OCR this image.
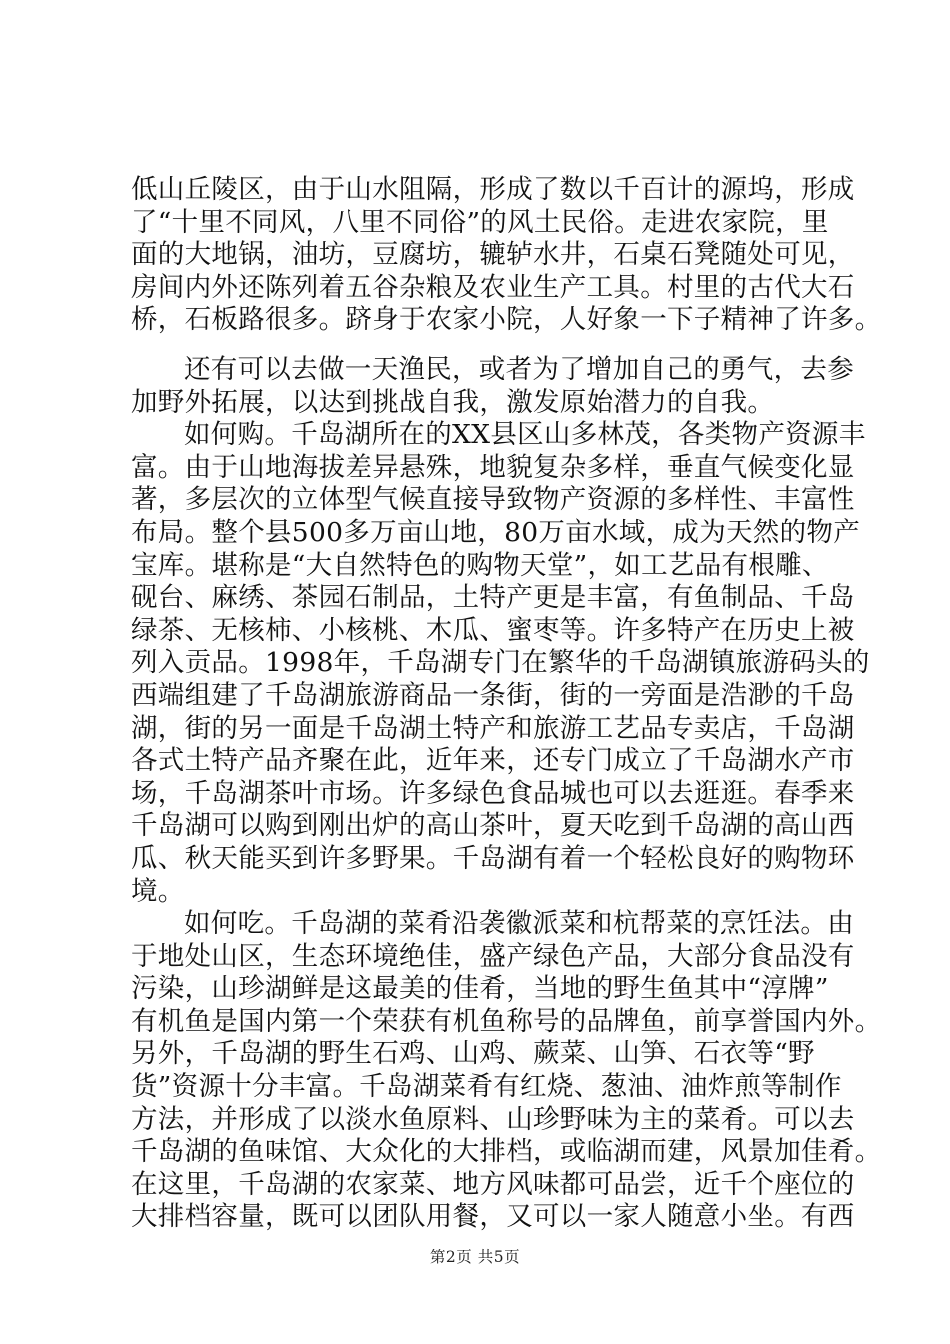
低山丘陵区，由于山水阻隔，形成了数以千百计的源坞，形成
了“十里不同风，八里不同俗”的风土民俗。走进农家院，里
面的大地锅，油坊，豆腐坊，辘轳水井，石桌石凳随处可见，
房间内外还陈列着五谷杂粮及农业生产工具。村里的古代大石
桥，石板路很多。跻身于农家小院，人好象一下子精神了许多。
还有可以去做一天渔民，或者为了增加自己的勇气，去参
加野外拓展，以达到挑战自我，激发原始潜力的自我。
如何购。千岛湖所在的XX县区山多林茂，各类物产资源丰
富。由于山地海拔差异悬殊，地貌复杂多样，垂直气候变化显
著，多层次的立体型气候直接导致物产资源的多样性、丰富性
布局。整个县500多万亩山地，80万亩水域，成为天然的物产
宝库。堪称是“大自然特色的购物天堂”，如工艺品有根雕、
砚台、麻绣、茶园石制品，土特产更是丰富，有鱼制品、千岛
绿茶、无核柿、小核桃、木瓜、蜜枣等。许多特产在历史上被
列入贡品。1998年，千岛湖专门在繁华的千岛湖镇旅游码头的
西端组建了千岛湖旅游商品一条街，街的一旁面是浩渺的千岛
湖，街的另一面是千岛湖土特产和旅游工艺品专卖店，千岛湖
各式土特产品齐聚在此，近年来，还专门成立了千岛湖水产市
场，千岛湖茶叶市场。许多绿色食品城也可以去逛逛。春季来
千岛湖可以购到刚出炉的高山茶叶，夏天吃到千岛湖的高山西
瓜、秋天能买到许多野果。千岛湖有着一个轻松良好的购物环
境。
如何吃。千岛湖的菜肴沿袭徽派菜和杭帮菜的烹饪法。由
于地处山区，生态环境绝佳，盛产绿色产品，大部分食品没有
污染，山珍湖鲜是这最美的佳肴，当地的野生鱼其中“淳牌”
有机鱼是国内第一个荣获有机鱼称号的品牌鱼，前享誉国内外。
另外，千岛湖的野生石鸡、山鸡、蕨菜、山笋、石衣等“野
货”资源十分丰富。千岛湖菜肴有红烧、葱油、油炸煎等制作
方法，并形成了以淡水鱼原料、山珍野味为主的菜肴。可以去
千岛湖的鱼味馆、大众化的大排档，或临湖而建，风景加佳肴。
在这里，千岛湖的农家菜、地方风味都可品尝，近千个座位的
大排档容量，既可以团队用餐，又可以一家人随意小坐。有西
第2页 共5页
